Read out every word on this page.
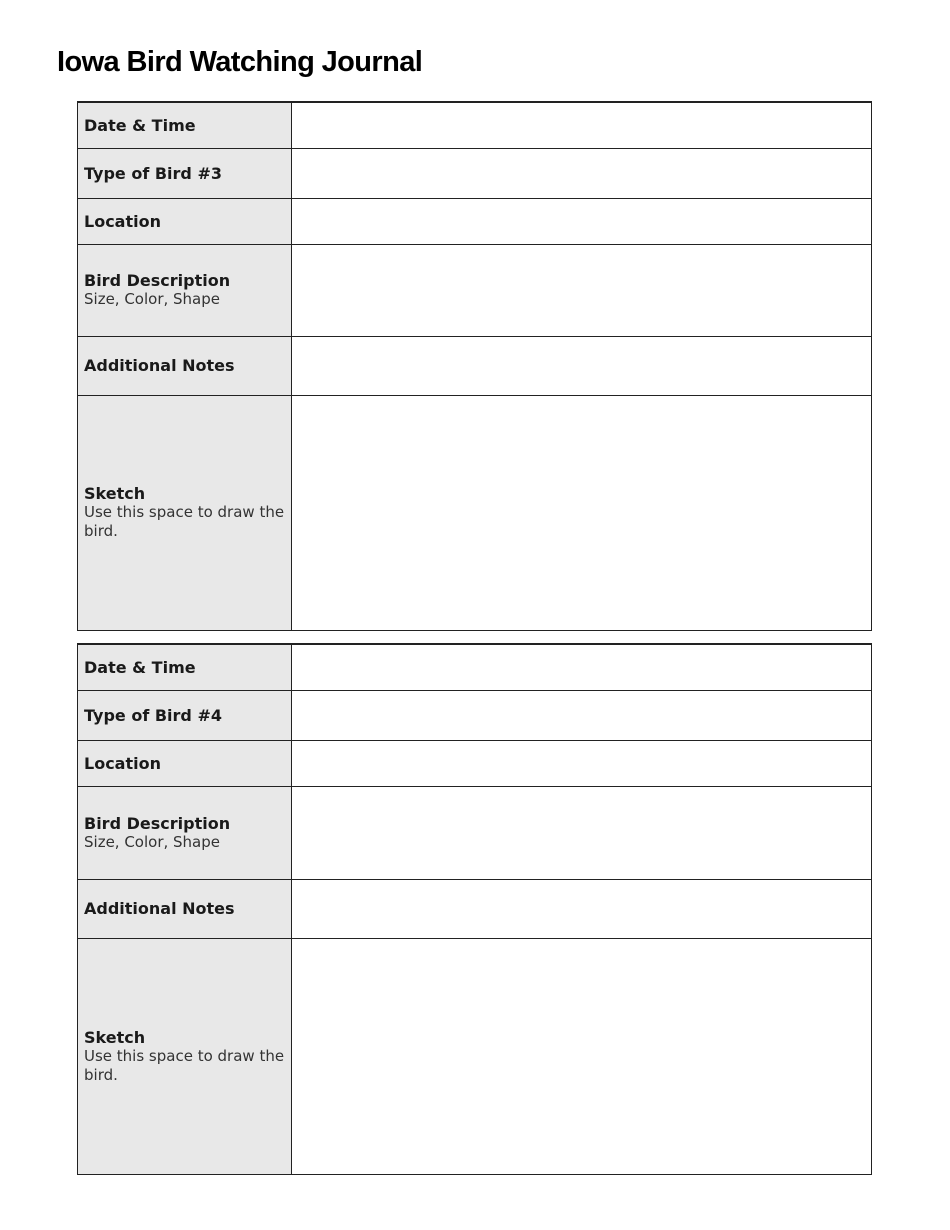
Iowa Bird Watching Journal
Date & Time	

Type of Bird #3	

Location	

Bird Description
Size, Color, Shape	

Additional Notes	

Sketch
Use this space to draw the bird.	

Date & Time	

Type of Bird #4	

Location	

Bird Description
Size, Color, Shape	

Additional Notes	

Sketch
Use this space to draw the bird.	
